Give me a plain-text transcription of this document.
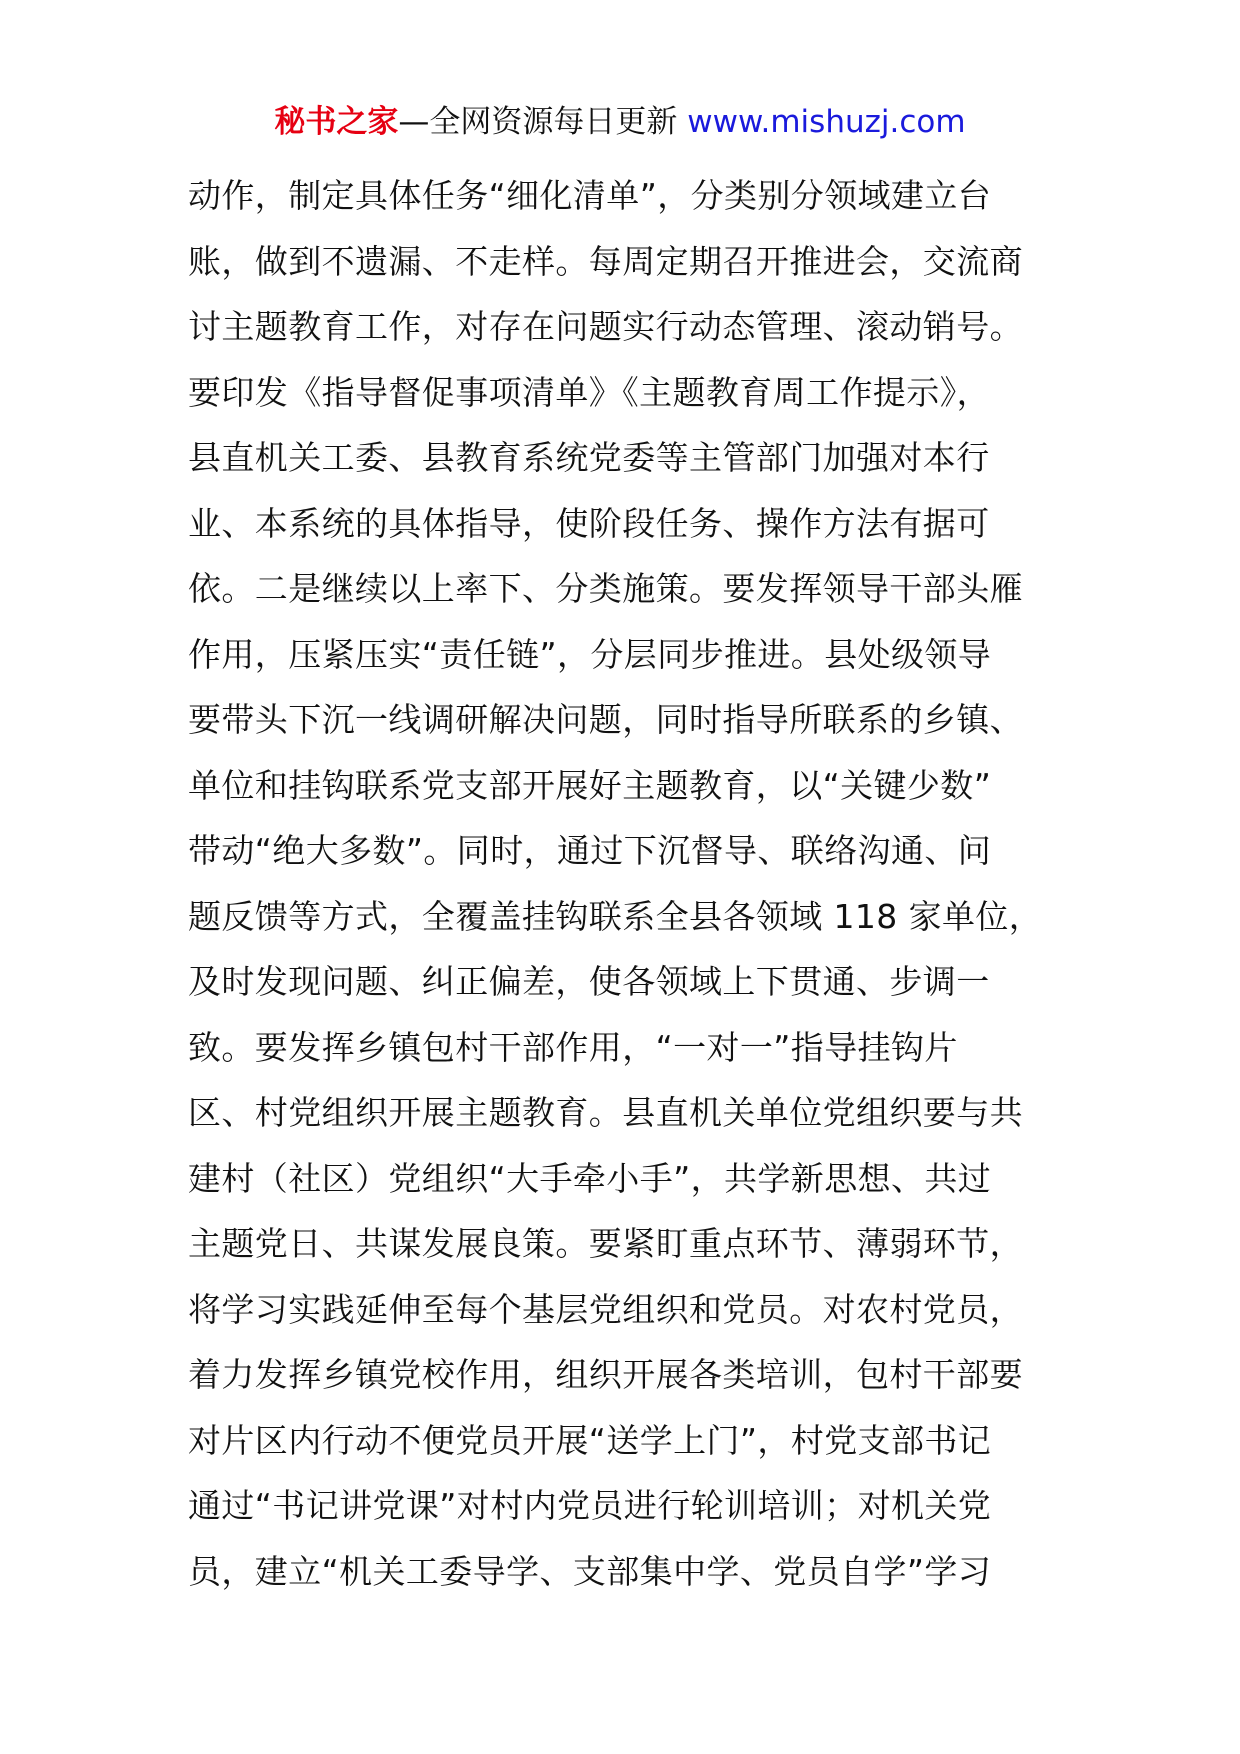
秘书之家—全网资源每日更新 www.mishuzj.com
动作，制定具体任务“细化清单”，分类别分领域建立台
账，做到不遗漏、不走样。每周定期召开推进会，交流商
讨主题教育工作，对存在问题实行动态管理、滚动销号。
要印发《指导督促事项清单》《主题教育周工作提示》，
县直机关工委、县教育系统党委等主管部门加强对本行
业、本系统的具体指导，使阶段任务、操作方法有据可
依。二是继续以上率下、分类施策。要发挥领导干部头雁
作用，压紧压实“责任链”，分层同步推进。县处级领导
要带头下沉一线调研解决问题，同时指导所联系的乡镇、
单位和挂钩联系党支部开展好主题教育，以“关键少数”
带动“绝大多数”。同时，通过下沉督导、联络沟通、问
题反馈等方式，全覆盖挂钩联系全县各领域 118 家单位，
及时发现问题、纠正偏差，使各领域上下贯通、步调一
致。要发挥乡镇包村干部作用，“一对一”指导挂钩片
区、村党组织开展主题教育。县直机关单位党组织要与共
建村（社区）党组织“大手牵小手”，共学新思想、共过
主题党日、共谋发展良策。要紧盯重点环节、薄弱环节，
将学习实践延伸至每个基层党组织和党员。对农村党员，
着力发挥乡镇党校作用，组织开展各类培训，包村干部要
对片区内行动不便党员开展“送学上门”，村党支部书记
通过“书记讲党课”对村内党员进行轮训培训；对机关党
员，建立“机关工委导学、支部集中学、党员自学”学习
